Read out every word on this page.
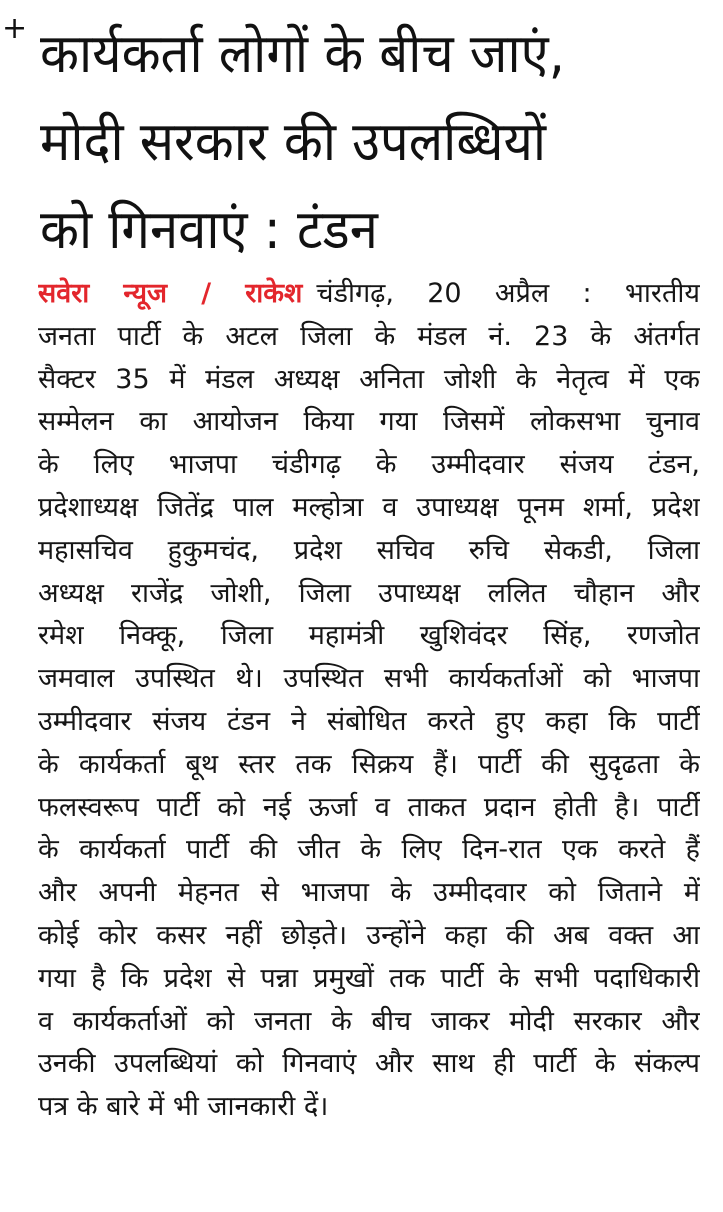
+ कार्यकर्ता लोगों के बीच जाएं,
मोदी सरकार की उपलब्धियों
को गिनवाएं : टंडन
सवेरा न्यूज / राकेश चंडीगढ़, 20 अप्रैल : भारतीय
जनता पार्टी के अटल जिला के मंडल नं. 23 के अंतर्गत
सैक्टर 35 में मंडल अध्यक्ष अनिता जोशी के नेतृत्व में एक
सम्मेलन का आयोजन किया गया जिसमें लोकसभा चुनाव
के लिए भाजपा चंडीगढ़ के उम्मीदवार संजय टंडन,
प्रदेशाध्यक्ष जितेंद्र पाल मल्होत्रा व उपाध्यक्ष पूनम शर्मा, प्रदेश
महासचिव हुकुमचंद, प्रदेश सचिव रुचि सेकडी, जिला
अध्यक्ष राजेंद्र जोशी, जिला उपाध्यक्ष ललित चौहान और
रमेश निक्कू, जिला महामंत्री खुशिवंदर सिंह, रणजोत
जमवाल उपस्थित थे। उपस्थित सभी कार्यकर्ताओं को भाजपा
उम्मीदवार संजय टंडन ने संबोधित करते हुए कहा कि पार्टी
के कार्यकर्ता बूथ स्तर तक सिक्रय हैं। पार्टी की सुदृढता के
फलस्वरूप पार्टी को नई ऊर्जा व ताकत प्रदान होती है। पार्टी
के कार्यकर्ता पार्टी की जीत के लिए दिन-रात एक करते हैं
और अपनी मेहनत से भाजपा के उम्मीदवार को जिताने में
कोई कोर कसर नहीं छोड़ते। उन्होंने कहा की अब वक्त आ
गया है कि प्रदेश से पन्ना प्रमुखों तक पार्टी के सभी पदाधिकारी
व कार्यकर्ताओं को जनता के बीच जाकर मोदी सरकार और
उनकी उपलब्धियां को गिनवाएं और साथ ही पार्टी के संकल्प
पत्र के बारे में भी जानकारी दें।
